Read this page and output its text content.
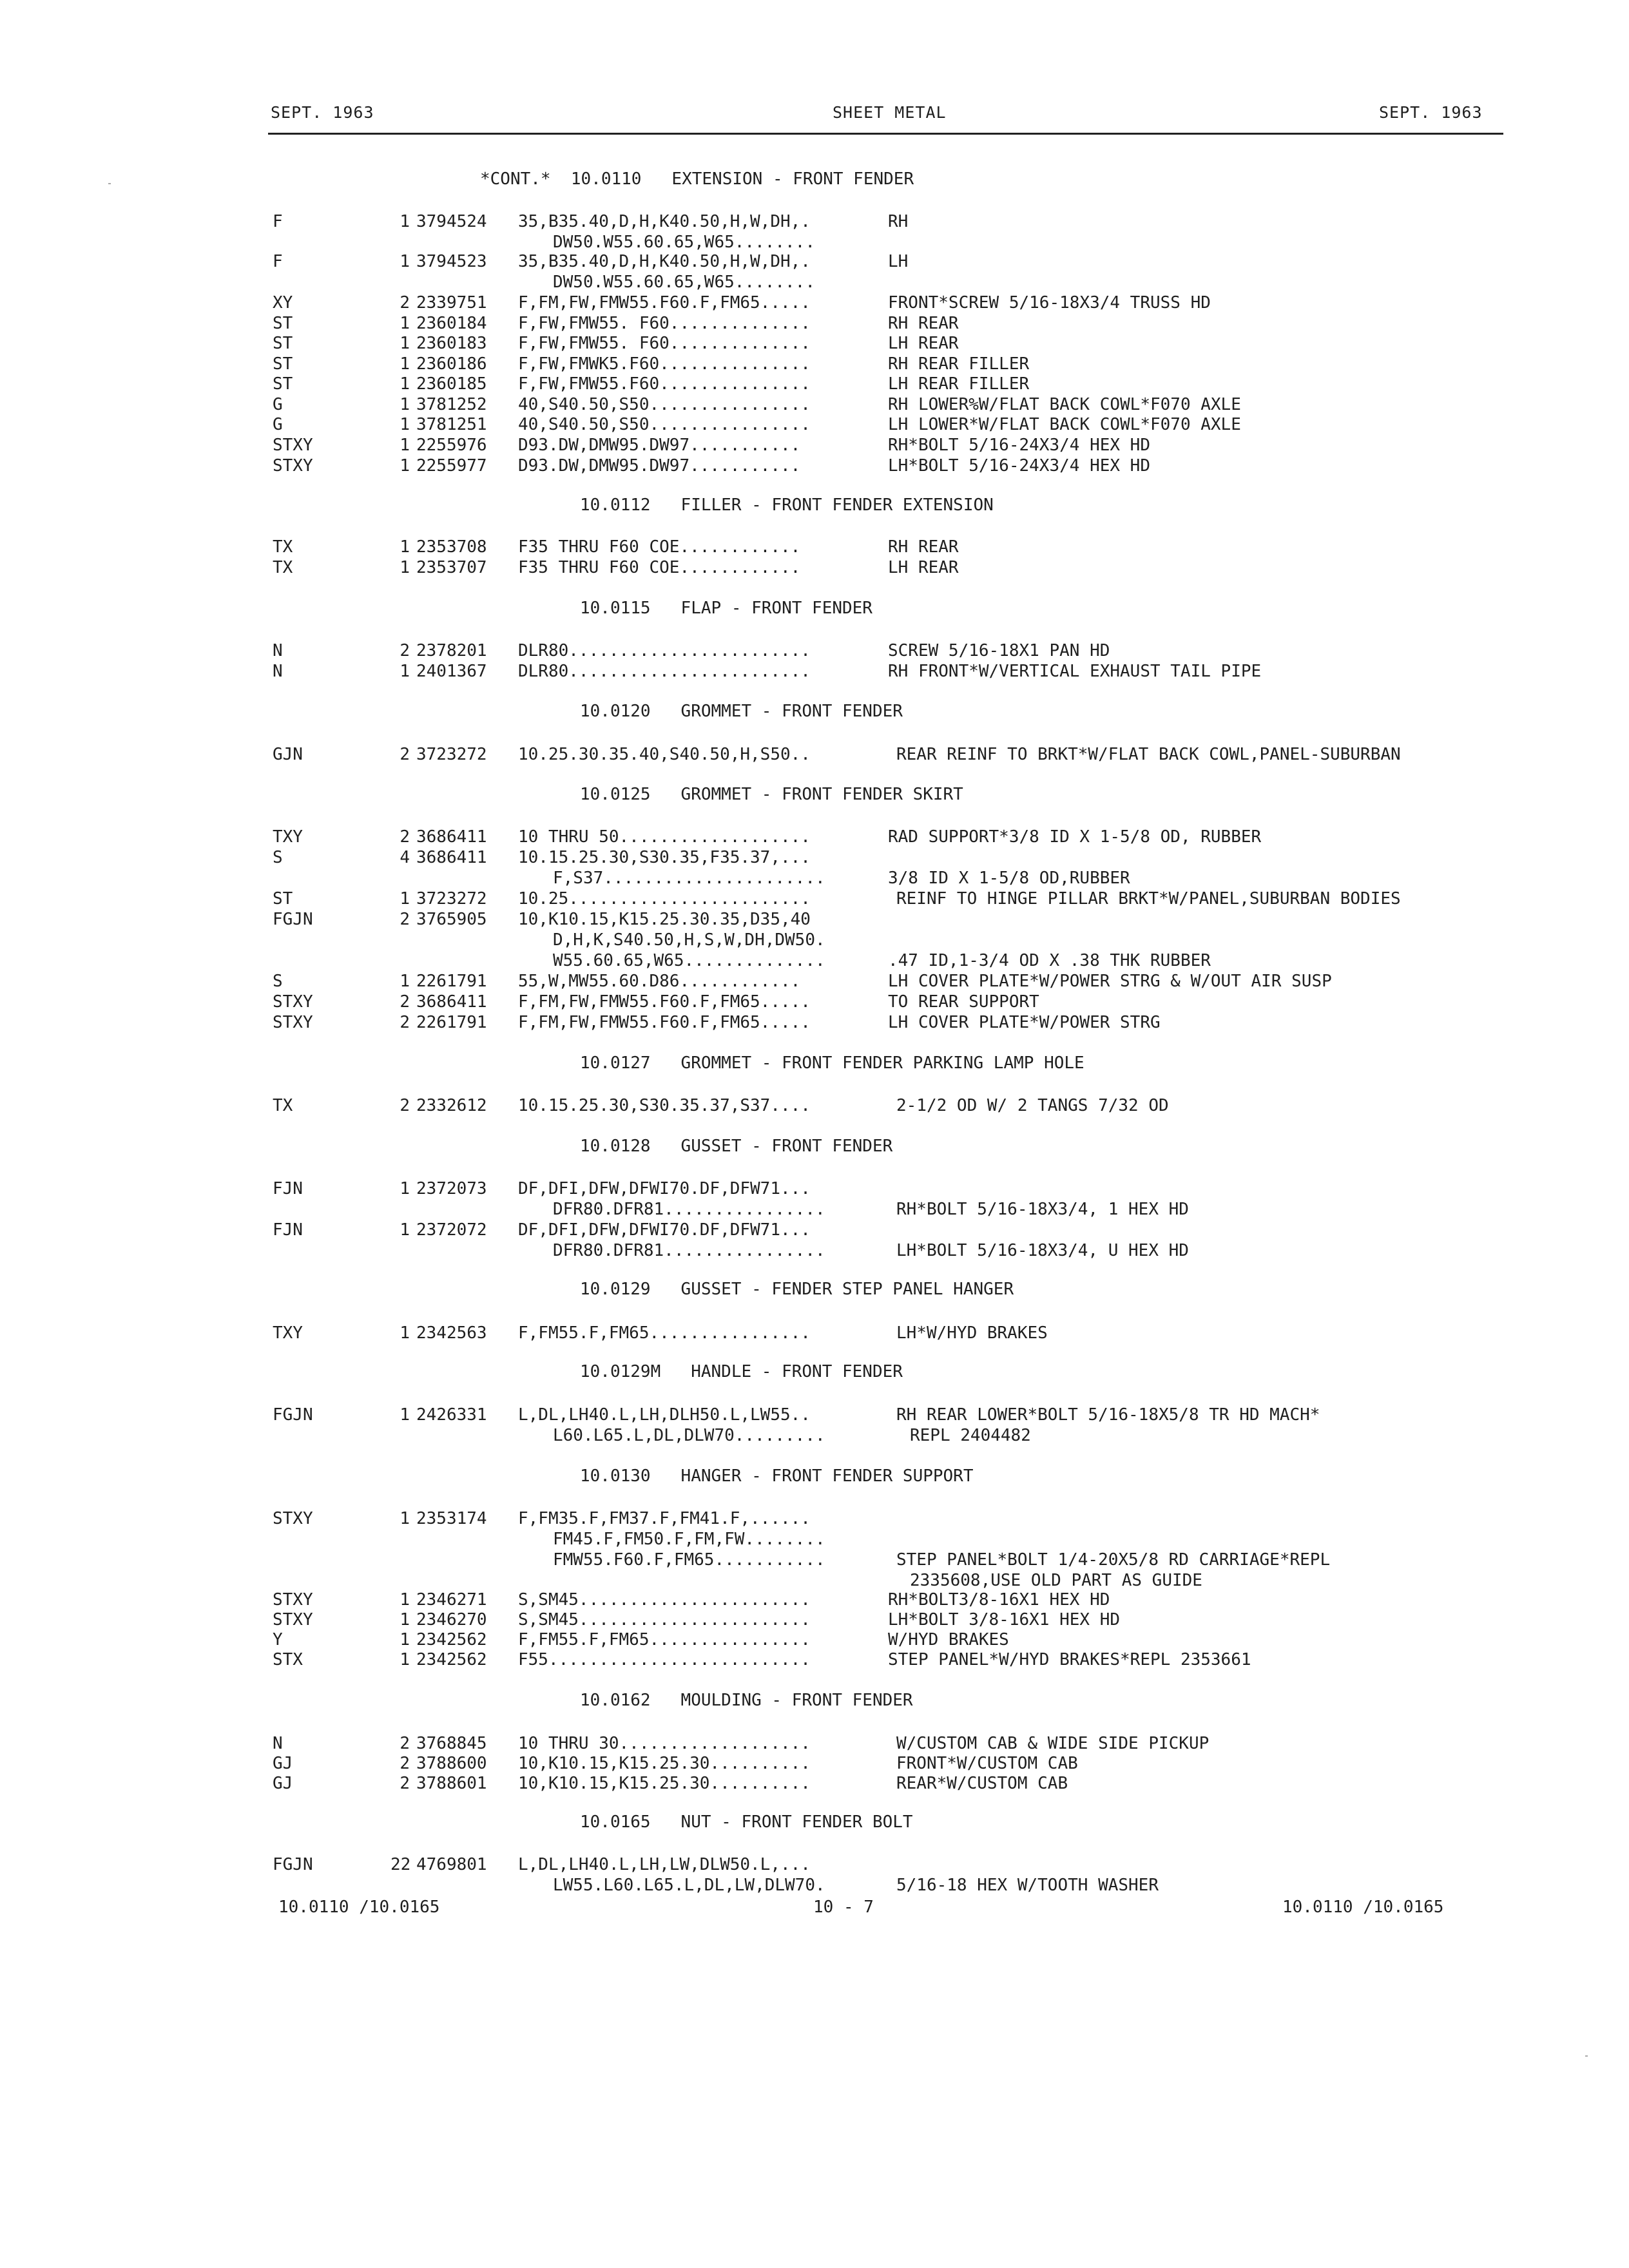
SEPT. 1963	SHEET METAL	SEPT. 1963
*CONT.*  10.0110 EXTENSION - FRONT FENDER
F	1 3794524 35,B35.40,D,H,K40.50,H,W,DH,.	RH
DW50.W55.60.65,W65........
F	1 3794523 35,B35.40,D,H,K40.50,H,W,DH,.	LH
DW50.W55.60.65,W65........
XY	2 2339751 F,FM,FW,FMW55.F60.F,FM65.....	FRONT*SCREW 5/16-18X3/4 TRUSS HD
ST	1 2360184 F,FW,FMW55. F60..............	RH REAR
ST	1 2360183 F,FW,FMW55. F60..............	LH REAR
ST	1 2360186 F,FW,FMWK5.F60...............	RH REAR FILLER
ST	1 2360185 F,FW,FMW55.F60...............	LH REAR FILLER
G	1 3781252 40,S40.50,S50................	RH LOWER%W/FLAT BACK COWL*F070 AXLE
G	1 3781251 40,S40.50,S50................	LH LOWER*W/FLAT BACK COWL*F070 AXLE
STXY	1 2255976 D93.DW,DMW95.DW97...........	RH*BOLT 5/16-24X3/4 HEX HD
STXY	1 2255977 D93.DW,DMW95.DW97...........	LH*BOLT 5/16-24X3/4 HEX HD
10.0112 FILLER - FRONT FENDER EXTENSION
TX	1 2353708 F35 THRU F60 COE............	RH REAR
TX	1 2353707 F35 THRU F60 COE............	LH REAR
10.0115 FLAP - FRONT FENDER
N	2 2378201 DLR80........................	SCREW 5/16-18X1 PAN HD
N	1 2401367 DLR80........................	RH FRONT*W/VERTICAL EXHAUST TAIL PIPE
10.0120 GROMMET - FRONT FENDER
GJN	2 3723272 10.25.30.35.40,S40.50,H,S50..	REAR REINF TO BRKT*W/FLAT BACK COWL,PANEL-SUBURBAN
10.0125 GROMMET - FRONT FENDER SKIRT
TXY	2 3686411 10 THRU 50...................	RAD SUPPORT*3/8 ID X 1-5/8 OD, RUBBER
S	4 3686411 10.15.25.30,S30.35,F35.37,...
F,S37......................	3/8 ID X 1-5/8 OD,RUBBER
ST	1 3723272 10.25........................	REINF TO HINGE PILLAR BRKT*W/PANEL,SUBURBAN BODIES
FGJN	2 3765905 10,K10.15,K15.25.30.35,D35,40
D,H,K,S40.50,H,S,W,DH,DW50.
W55.60.65,W65..............	.47 ID,1-3/4 OD X .38 THK RUBBER
S	1 2261791 55,W,MW55.60.D86............	LH COVER PLATE*W/POWER STRG & W/OUT AIR SUSP
STXY	2 3686411 F,FM,FW,FMW55.F60.F,FM65.....	TO REAR SUPPORT
STXY	2 2261791 F,FM,FW,FMW55.F60.F,FM65.....	LH COVER PLATE*W/POWER STRG
10.0127 GROMMET - FRONT FENDER PARKING LAMP HOLE
TX	2 2332612 10.15.25.30,S30.35.37,S37....	2-1/2 OD W/ 2 TANGS 7/32 OD
10.0128 GUSSET - FRONT FENDER
FJN	1 2372073 DF,DFI,DFW,DFWI70.DF,DFW71...
DFR80.DFR81................	RH*BOLT 5/16-18X3/4, 1 HEX HD
FJN	1 2372072 DF,DFI,DFW,DFWI70.DF,DFW71...
DFR80.DFR81................	LH*BOLT 5/16-18X3/4, U HEX HD
10.0129 GUSSET - FENDER STEP PANEL HANGER
TXY	1 2342563 F,FM55.F,FM65................	LH*W/HYD BRAKES
10.0129M HANDLE - FRONT FENDER
FGJN	1 2426331 L,DL,LH40.L,LH,DLH50.L,LW55..	RH REAR LOWER*BOLT 5/16-18X5/8 TR HD MACH*
L60.L65.L,DL,DLW70.........	REPL 2404482
10.0130 HANGER - FRONT FENDER SUPPORT
STXY	1 2353174 F,FM35.F,FM37.F,FM41.F,......
FM45.F,FM50.F,FM,FW........
FMW55.F60.F,FM65...........	STEP PANEL*BOLT 1/4-20X5/8 RD CARRIAGE*REPL
2335608,USE OLD PART AS GUIDE
STXY	1 2346271 S,SM45.......................	RH*BOLT3/8-16X1 HEX HD
STXY	1 2346270 S,SM45.......................	LH*BOLT 3/8-16X1 HEX HD
Y	1 2342562 F,FM55.F,FM65................	W/HYD BRAKES
STX	1 2342562 F55..........................	STEP PANEL*W/HYD BRAKES*REPL 2353661
10.0162 MOULDING - FRONT FENDER
N	2 3768845 10 THRU 30...................	W/CUSTOM CAB & WIDE SIDE PICKUP
GJ	2 3788600 10,K10.15,K15.25.30..........	FRONT*W/CUSTOM CAB
GJ	2 3788601 10,K10.15,K15.25.30..........	REAR*W/CUSTOM CAB
10.0165 NUT - FRONT FENDER BOLT
FGJN	22 4769801 L,DL,LH40.L,LH,LW,DLW50.L,...
LW55.L60.L65.L,DL,LW,DLW70.	5/16-18 HEX W/TOOTH WASHER
10.0110 /10.0165	10 - 7	10.0110 /10.0165
